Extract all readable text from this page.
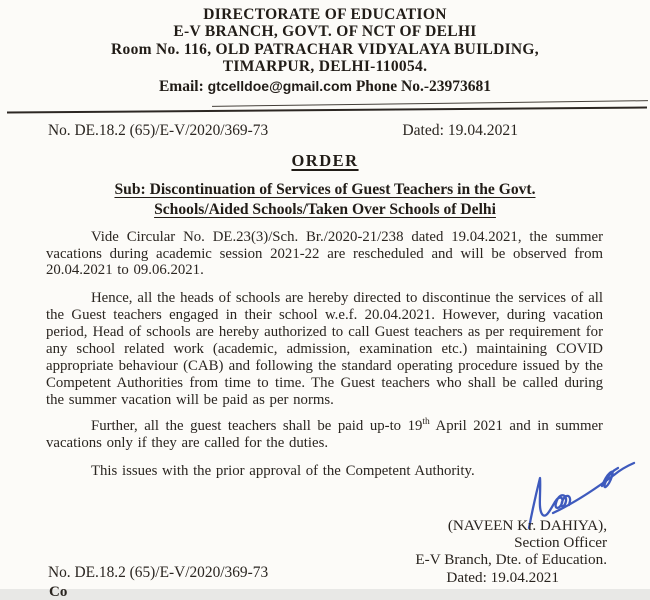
DIRECTORATE OF EDUCATION
E-V BRANCH, GOVT. OF NCT OF DELHI
Room No. 116, OLD PATRACHAR VIDYALAYA BUILDING,
TIMARPUR, DELHI-110054.
Email: gtcelldoe@gmail.com Phone No.-23973681
No. DE.18.2 (65)/E-V/2020/369-73	Dated: 19.04.2021
ORDER
Sub: Discontinuation of Services of Guest Teachers in the Govt.
Schools/Aided Schools/Taken Over Schools of Delhi
Vide Circular No. DE.23(3)/Sch. Br./2020-21/238 dated 19.04.2021, the summer vacations during academic session 2021-22 are rescheduled and will be observed from 20.04.2021 to 09.06.2021.
Hence, all the heads of schools are hereby directed to discontinue the services of all the Guest teachers engaged in their school w.e.f. 20.04.2021. However, during vacation period, Head of schools are hereby authorized to call Guest teachers as per requirement for any school related work (academic, admission, examination etc.) maintaining COVID appropriate behaviour (CAB) and following the standard operating procedure issued by the Competent Authorities from time to time. The Guest teachers who shall be called during the summer vacation will be paid as per norms.
Further, all the guest teachers shall be paid up-to 19th April 2021 and in summer vacations only if they are called for the duties.
This issues with the prior approval of the Competent Authority.
(NAVEEN Kr. DAHIYA),
Section Officer
E-V Branch, Dte. of Education.
Dated: 19.04.2021
No. DE.18.2 (65)/E-V/2020/369-73
Co
